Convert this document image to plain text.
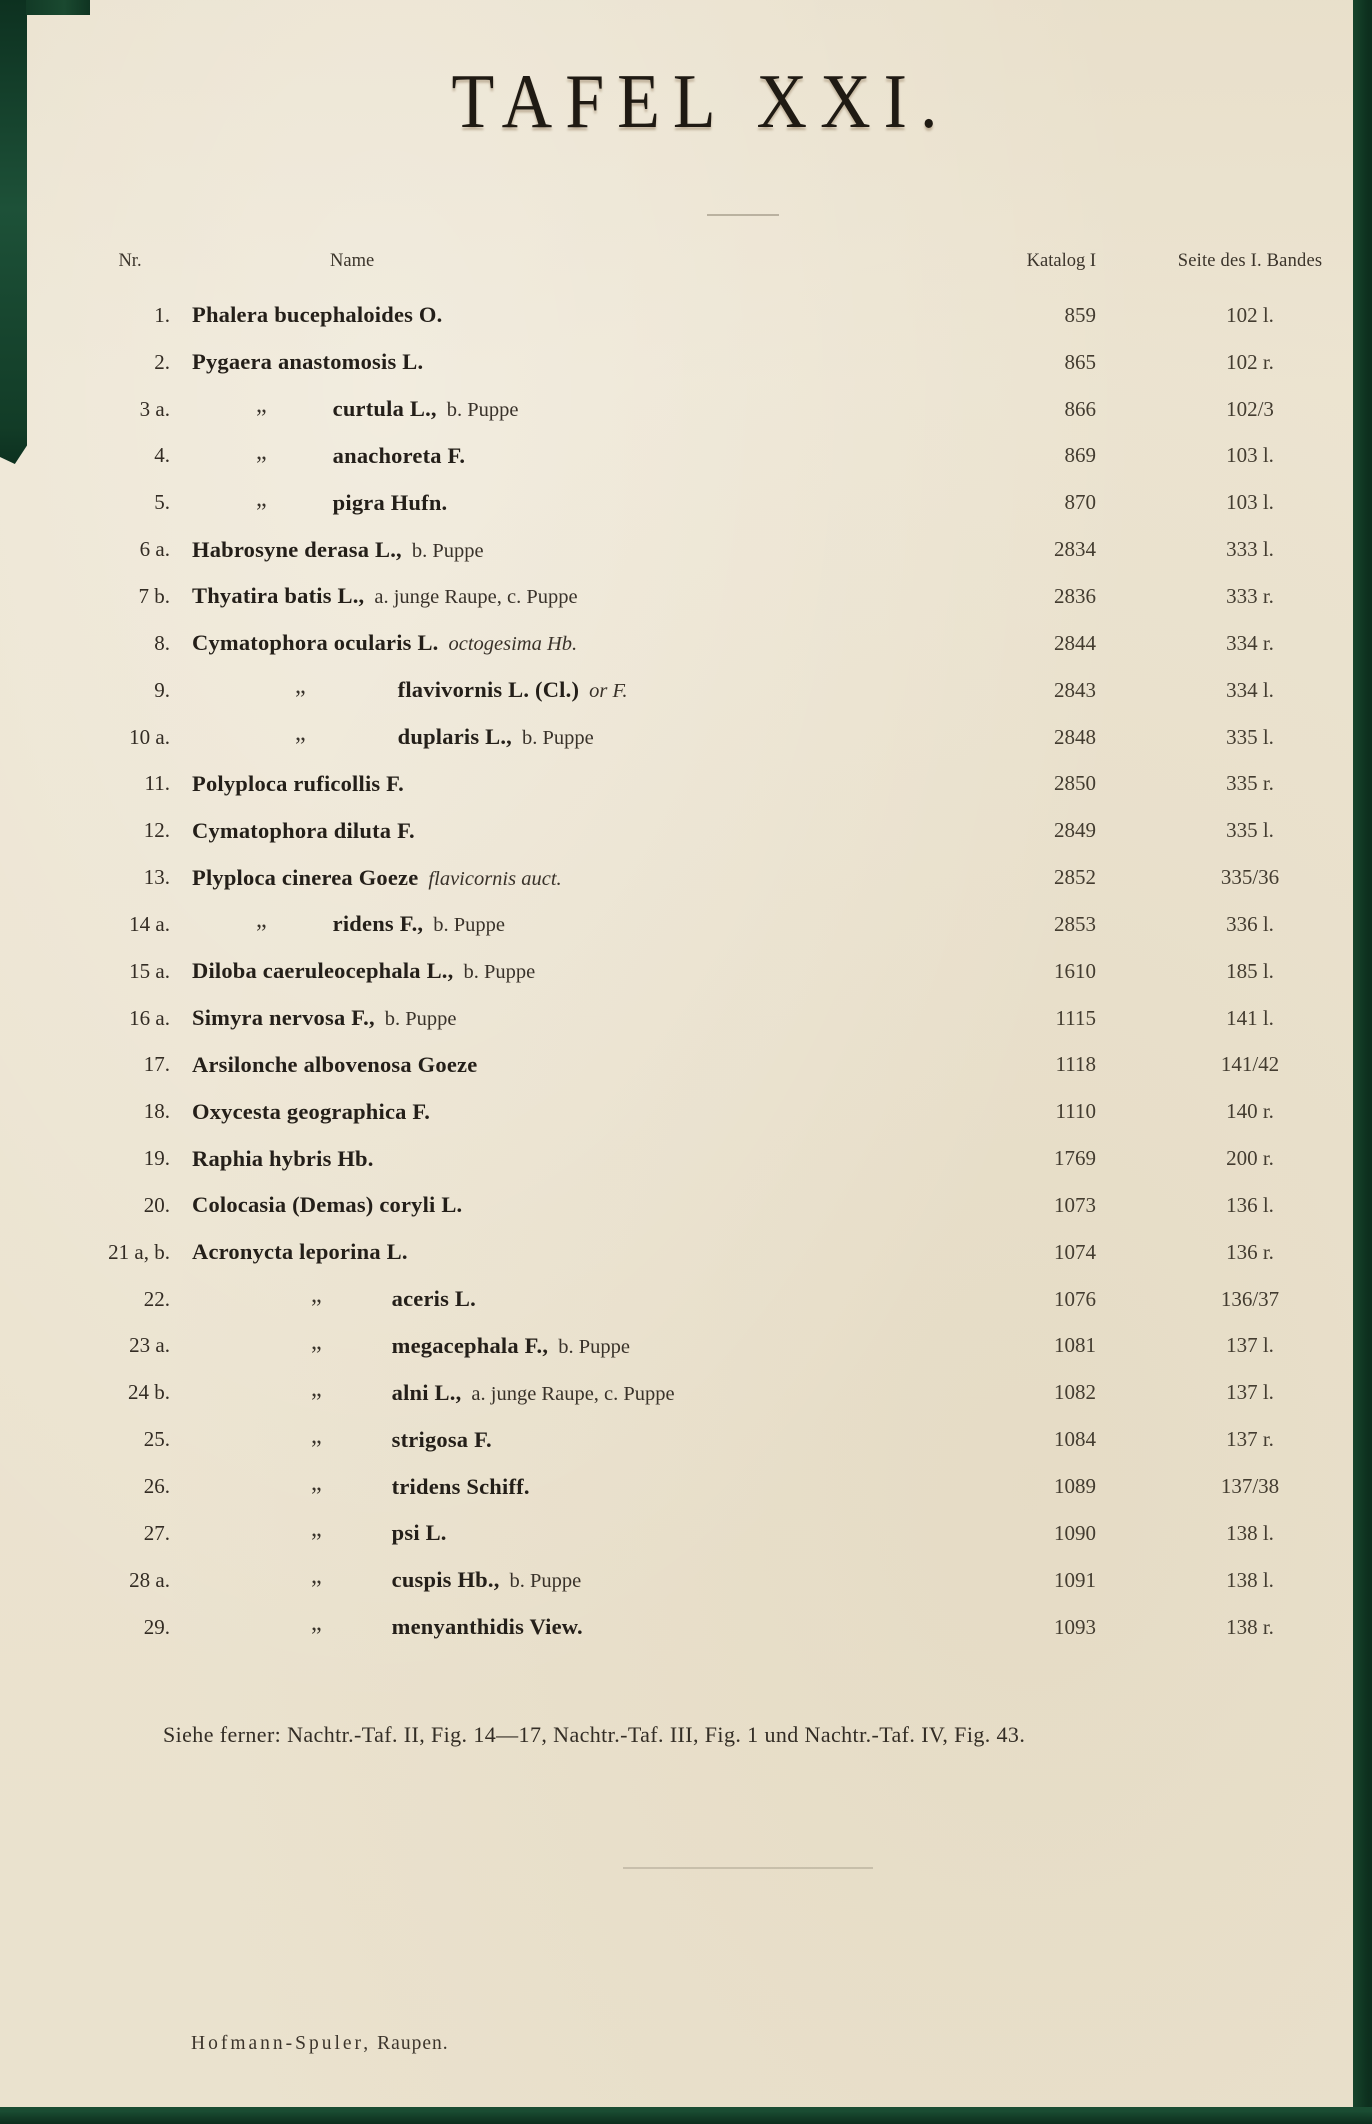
TAFEL XXI.
Nr.	Name	Katalog I	Seite des I. Bandes
1. Phalera bucephaloides O.	859	102 l.
2. Pygaera anastomosis L.	865	102 r.
3 a.	„	curtula L., b. Puppe	866	102/3
4.	„	anachoreta F.	869	103 l.
5.	„	pigra Hufn.	870	103 l.
6 a. Habrosyne derasa L., b. Puppe	2834	333 l.
7 b. Thyatira batis L., a. junge Raupe, c. Puppe	2836	333 r.
8. Cymatophora ocularis L. octogesima Hb.	2844	334 r.
9.	„	flavivornis L. (Cl.) or F.	2843	334 l.
10 a.	„	duplaris L., b. Puppe	2848	335 l.
11. Polyploca ruficollis F.	2850	335 r.
12. Cymatophora diluta F.	2849	335 l.
13. Plyploca cinerea Goeze flavicornis auct.	2852	335/36
14 a.	„	ridens F., b. Puppe	2853	336 l.
15 a. Diloba caeruleocephala L., b. Puppe	1610	185 l.
16 a. Simyra nervosa F., b. Puppe	1115	141 l.
17. Arsilonche albovenosa Goeze	1118	141/42
18. Oxycesta geographica F.	1110	140 r.
19. Raphia hybris Hb.	1769	200 r.
20. Colocasia (Demas) coryli L.	1073	136 l.
21 a, b. Acronycta leporina L.	1074	136 r.
22.	„	aceris L.	1076	136/37
23 a.	„	megacephala F., b. Puppe	1081	137 l.
24 b.	„	alni L., a. junge Raupe, c. Puppe	1082	137 l.
25.	„	strigosa F.	1084	137 r.
26.	„	tridens Schiff.	1089	137/38
27.	„	psi L.	1090	138 l.
28 a.	„	cuspis Hb., b. Puppe	1091	138 l.
29.	„	menyanthidis View.	1093	138 r.
Siehe ferner: Nachtr.-Taf. II, Fig. 14—17, Nachtr.-Taf. III, Fig. 1 und Nachtr.-Taf. IV, Fig. 43.
Hofmann-Spuler, Raupen.
